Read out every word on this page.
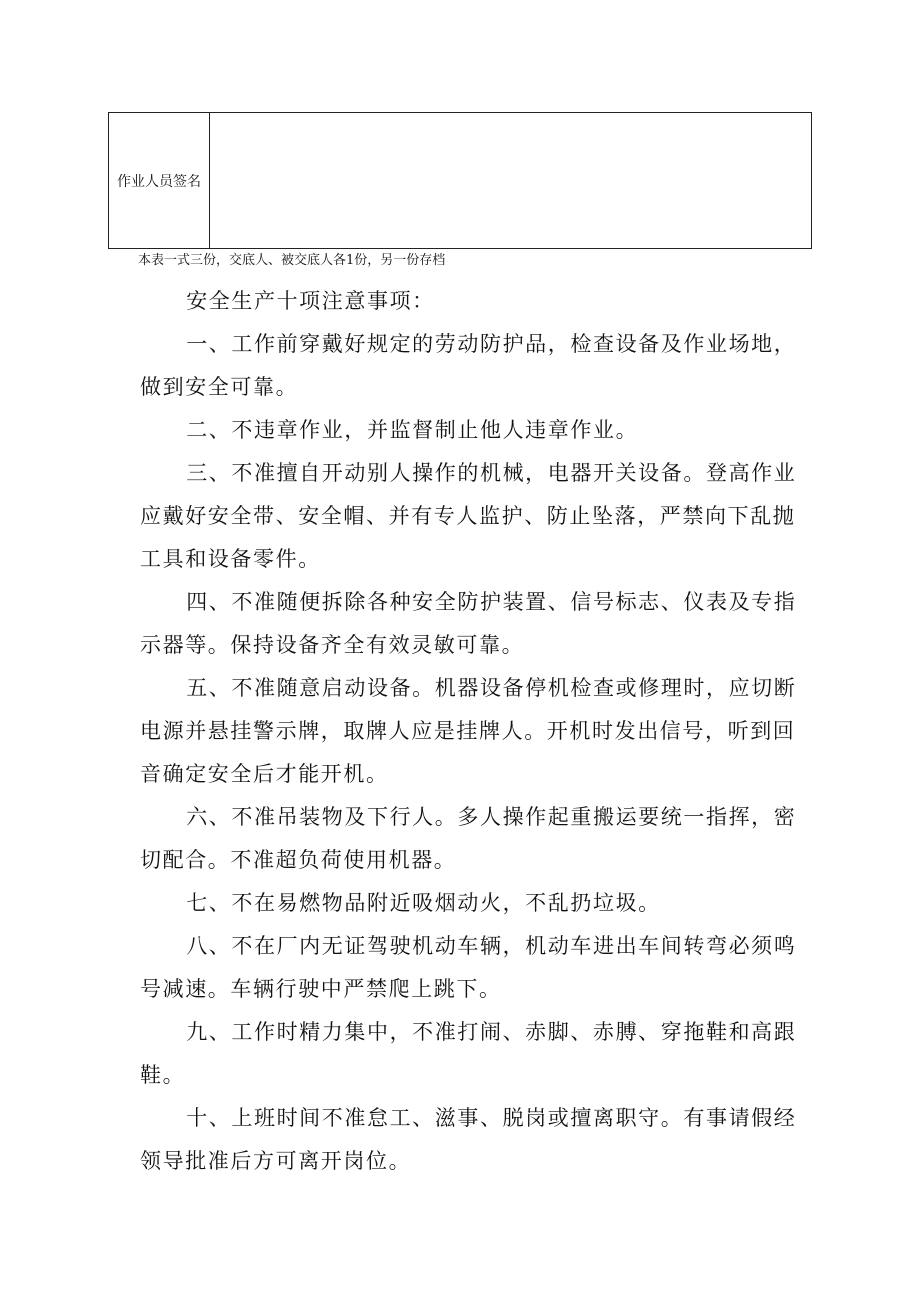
作业人员签名
本表一式三份，交底人、被交底人各1份，另一份存档

安全生产十项注意事项：

一、工作前穿戴好规定的劳动防护品，检查设备及作业场地，做到安全可靠。

二、不违章作业，并监督制止他人违章作业。

三、不准擅自开动别人操作的机械，电器开关设备。登高作业应戴好安全带、安全帽、并有专人监护、防止坠落，严禁向下乱抛工具和设备零件。

四、不准随便拆除各种安全防护装置、信号标志、仪表及专指示器等。保持设备齐全有效灵敏可靠。

五、不准随意启动设备。机器设备停机检查或修理时，应切断电源并悬挂警示牌，取牌人应是挂牌人。开机时发出信号，听到回音确定安全后才能开机。

六、不准吊装物及下行人。多人操作起重搬运要统一指挥，密切配合。不准超负荷使用机器。

七、不在易燃物品附近吸烟动火，不乱扔垃圾。

八、不在厂内无证驾驶机动车辆，机动车进出车间转弯必须鸣号减速。车辆行驶中严禁爬上跳下。

九、工作时精力集中，不准打闹、赤脚、赤膊、穿拖鞋和高跟鞋。

十、上班时间不准怠工、滋事、脱岗或擅离职守。有事请假经领导批准后方可离开岗位。
